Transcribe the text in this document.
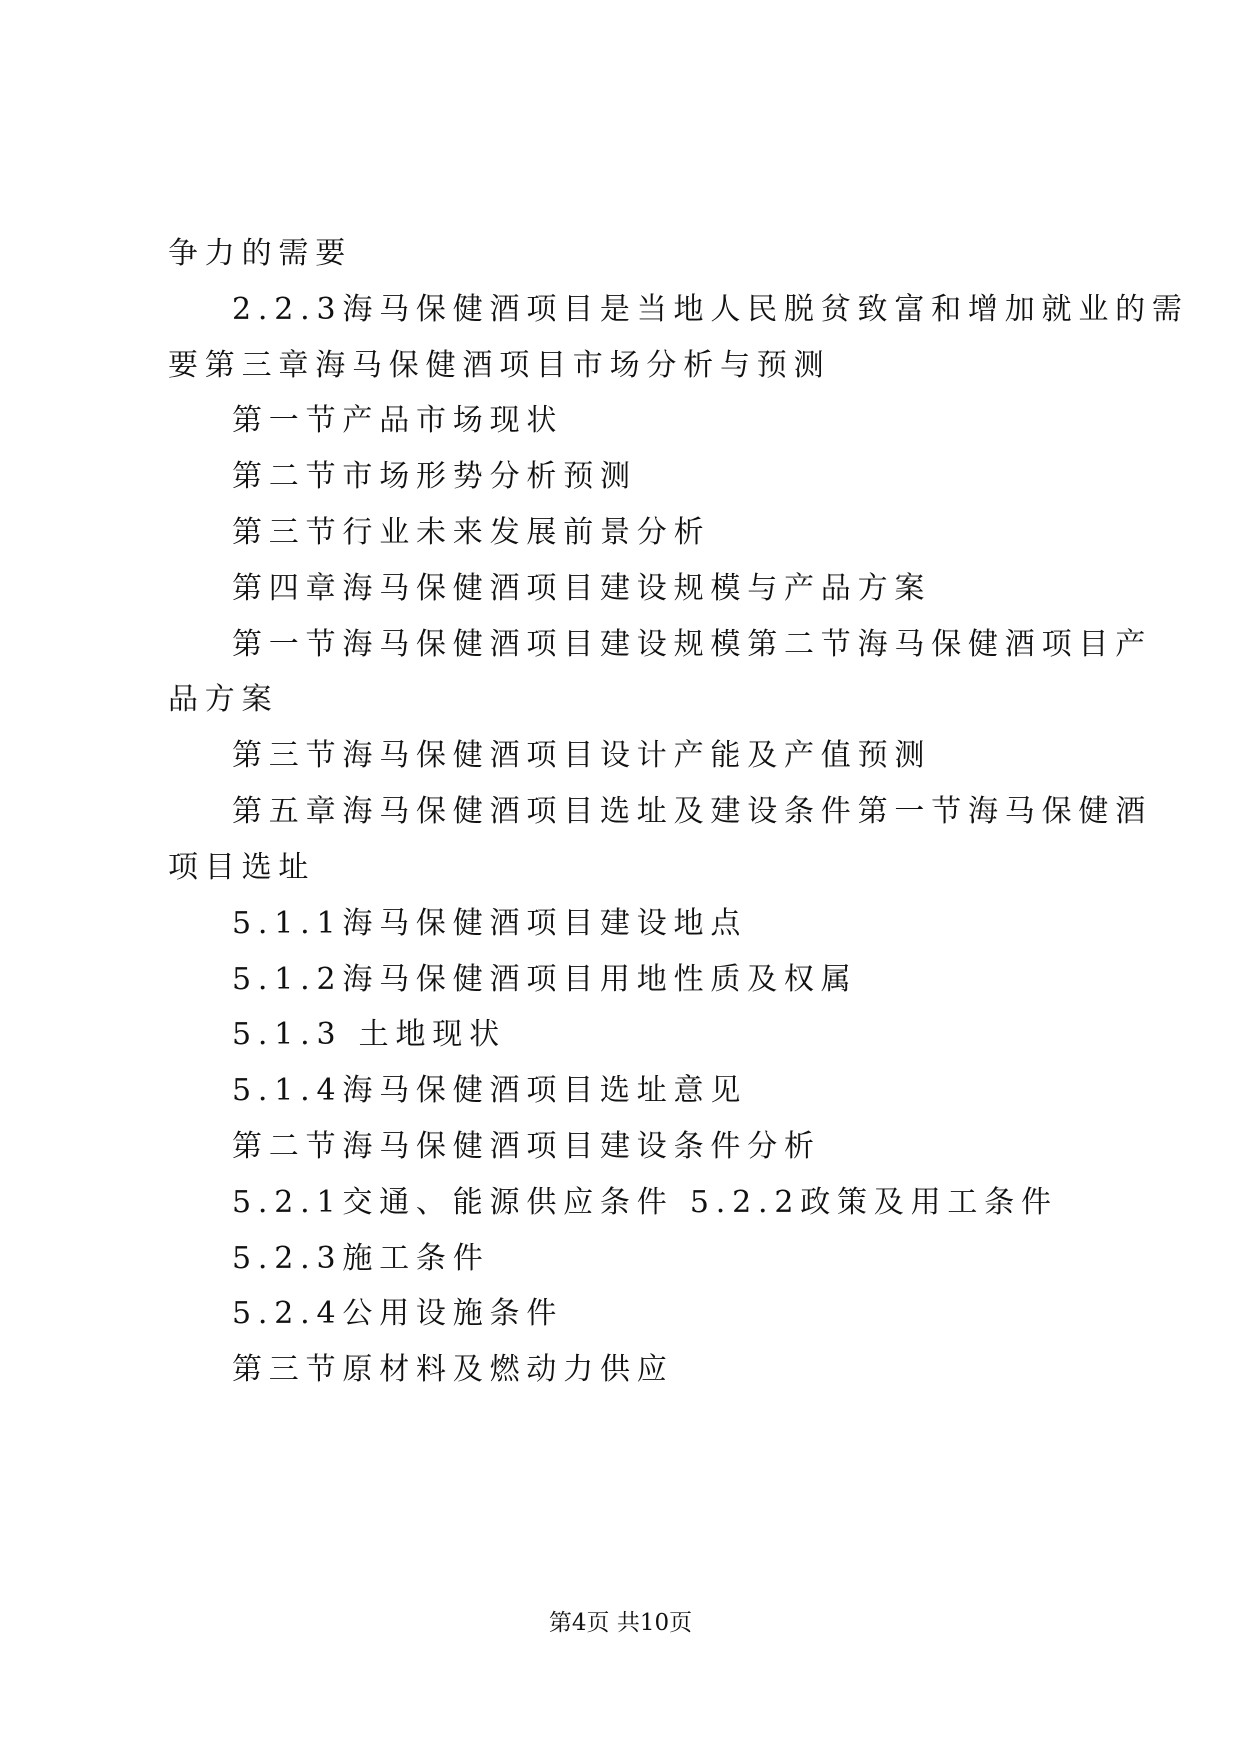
争力的需要
2.2.3海马保健酒项目是当地人民脱贫致富和增加就业的需
要第三章海马保健酒项目市场分析与预测
第一节产品市场现状
第二节市场形势分析预测
第三节行业未来发展前景分析
第四章海马保健酒项目建设规模与产品方案
第一节海马保健酒项目建设规模第二节海马保健酒项目产
品方案
第三节海马保健酒项目设计产能及产值预测
第五章海马保健酒项目选址及建设条件第一节海马保健酒
项目选址
5.1.1海马保健酒项目建设地点
5.1.2海马保健酒项目用地性质及权属
5.1.3 土地现状
5.1.4海马保健酒项目选址意见
第二节海马保健酒项目建设条件分析
5.2.1交通、能源供应条件 5.2.2政策及用工条件
5.2.3施工条件
5.2.4公用设施条件
第三节原材料及燃动力供应
第4页 共10页
